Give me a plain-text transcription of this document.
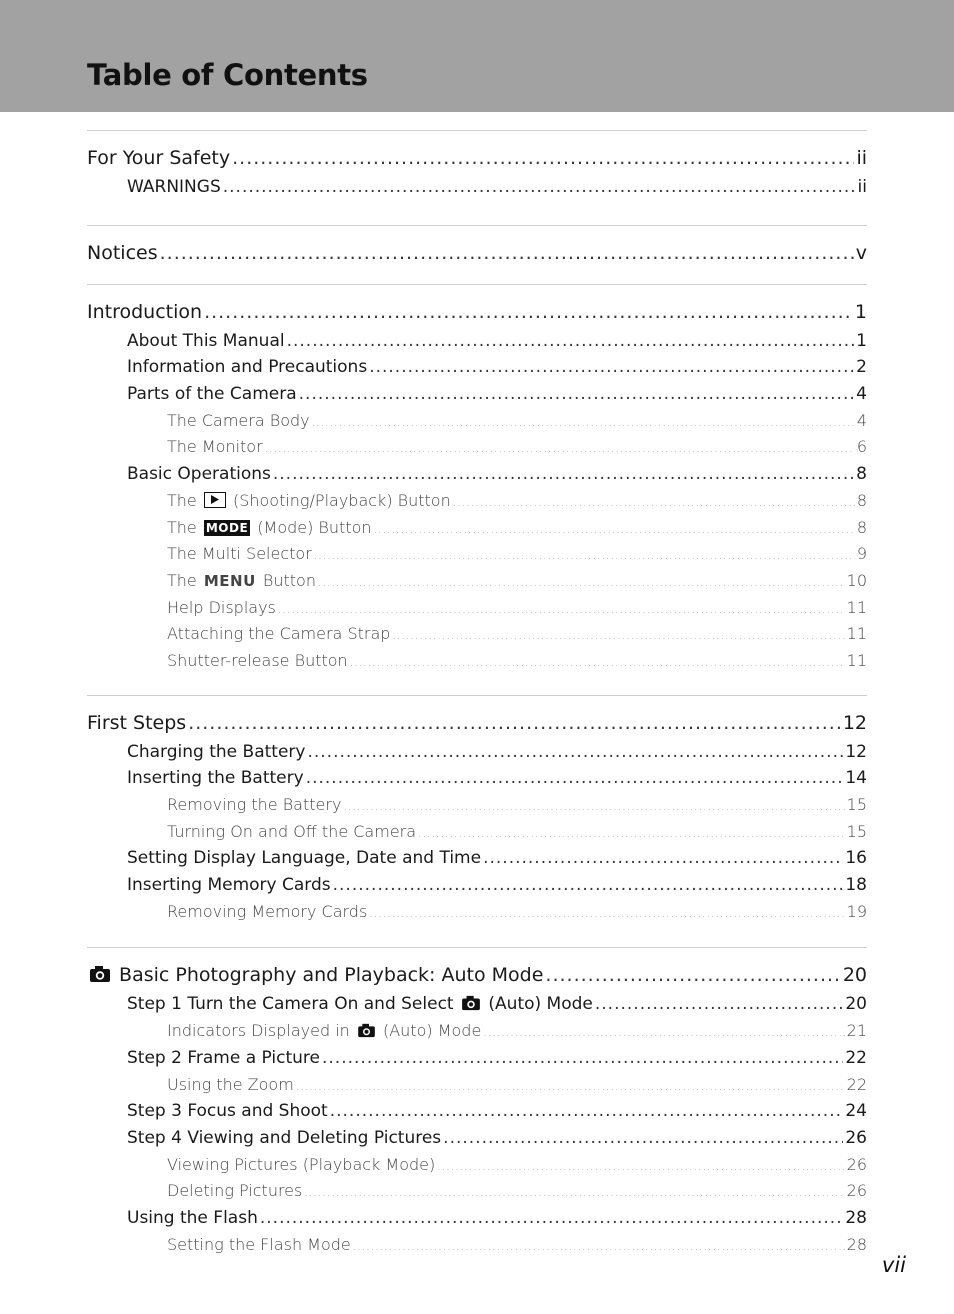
Table of Contents
For Your Safety .....	ii
WARNINGS .....	ii
Notices .....	v
Introduction .....	1
About This Manual .....	1
Information and Precautions .....	2
Parts of the Camera .....	4
The Camera Body .....	4
The Monitor .....	6
Basic Operations .....	8
The (Shooting/Playback) Button .....	8
The MODE (Mode) Button .....	8
The Multi Selector .....	9
The MENU Button .....	10
Help Displays .....	11
Attaching the Camera Strap .....	11
Shutter-release Button .....	11
First Steps .....	12
Charging the Battery .....	12
Inserting the Battery .....	14
Removing the Battery .....	15
Turning On and Off the Camera .....	15
Setting Display Language, Date and Time .....	16
Inserting Memory Cards .....	18
Removing Memory Cards .....	19
Basic Photography and Playback: Auto Mode .....	20
Step 1 Turn the Camera On and Select (Auto) Mode .....	20
Indicators Displayed in (Auto) Mode .....	21
Step 2 Frame a Picture .....	22
Using the Zoom .....	22
Step 3 Focus and Shoot .....	24
Step 4 Viewing and Deleting Pictures .....	26
Viewing Pictures (Playback Mode) .....	26
Deleting Pictures .....	26
Using the Flash .....	28
Setting the Flash Mode .....	28
vii
